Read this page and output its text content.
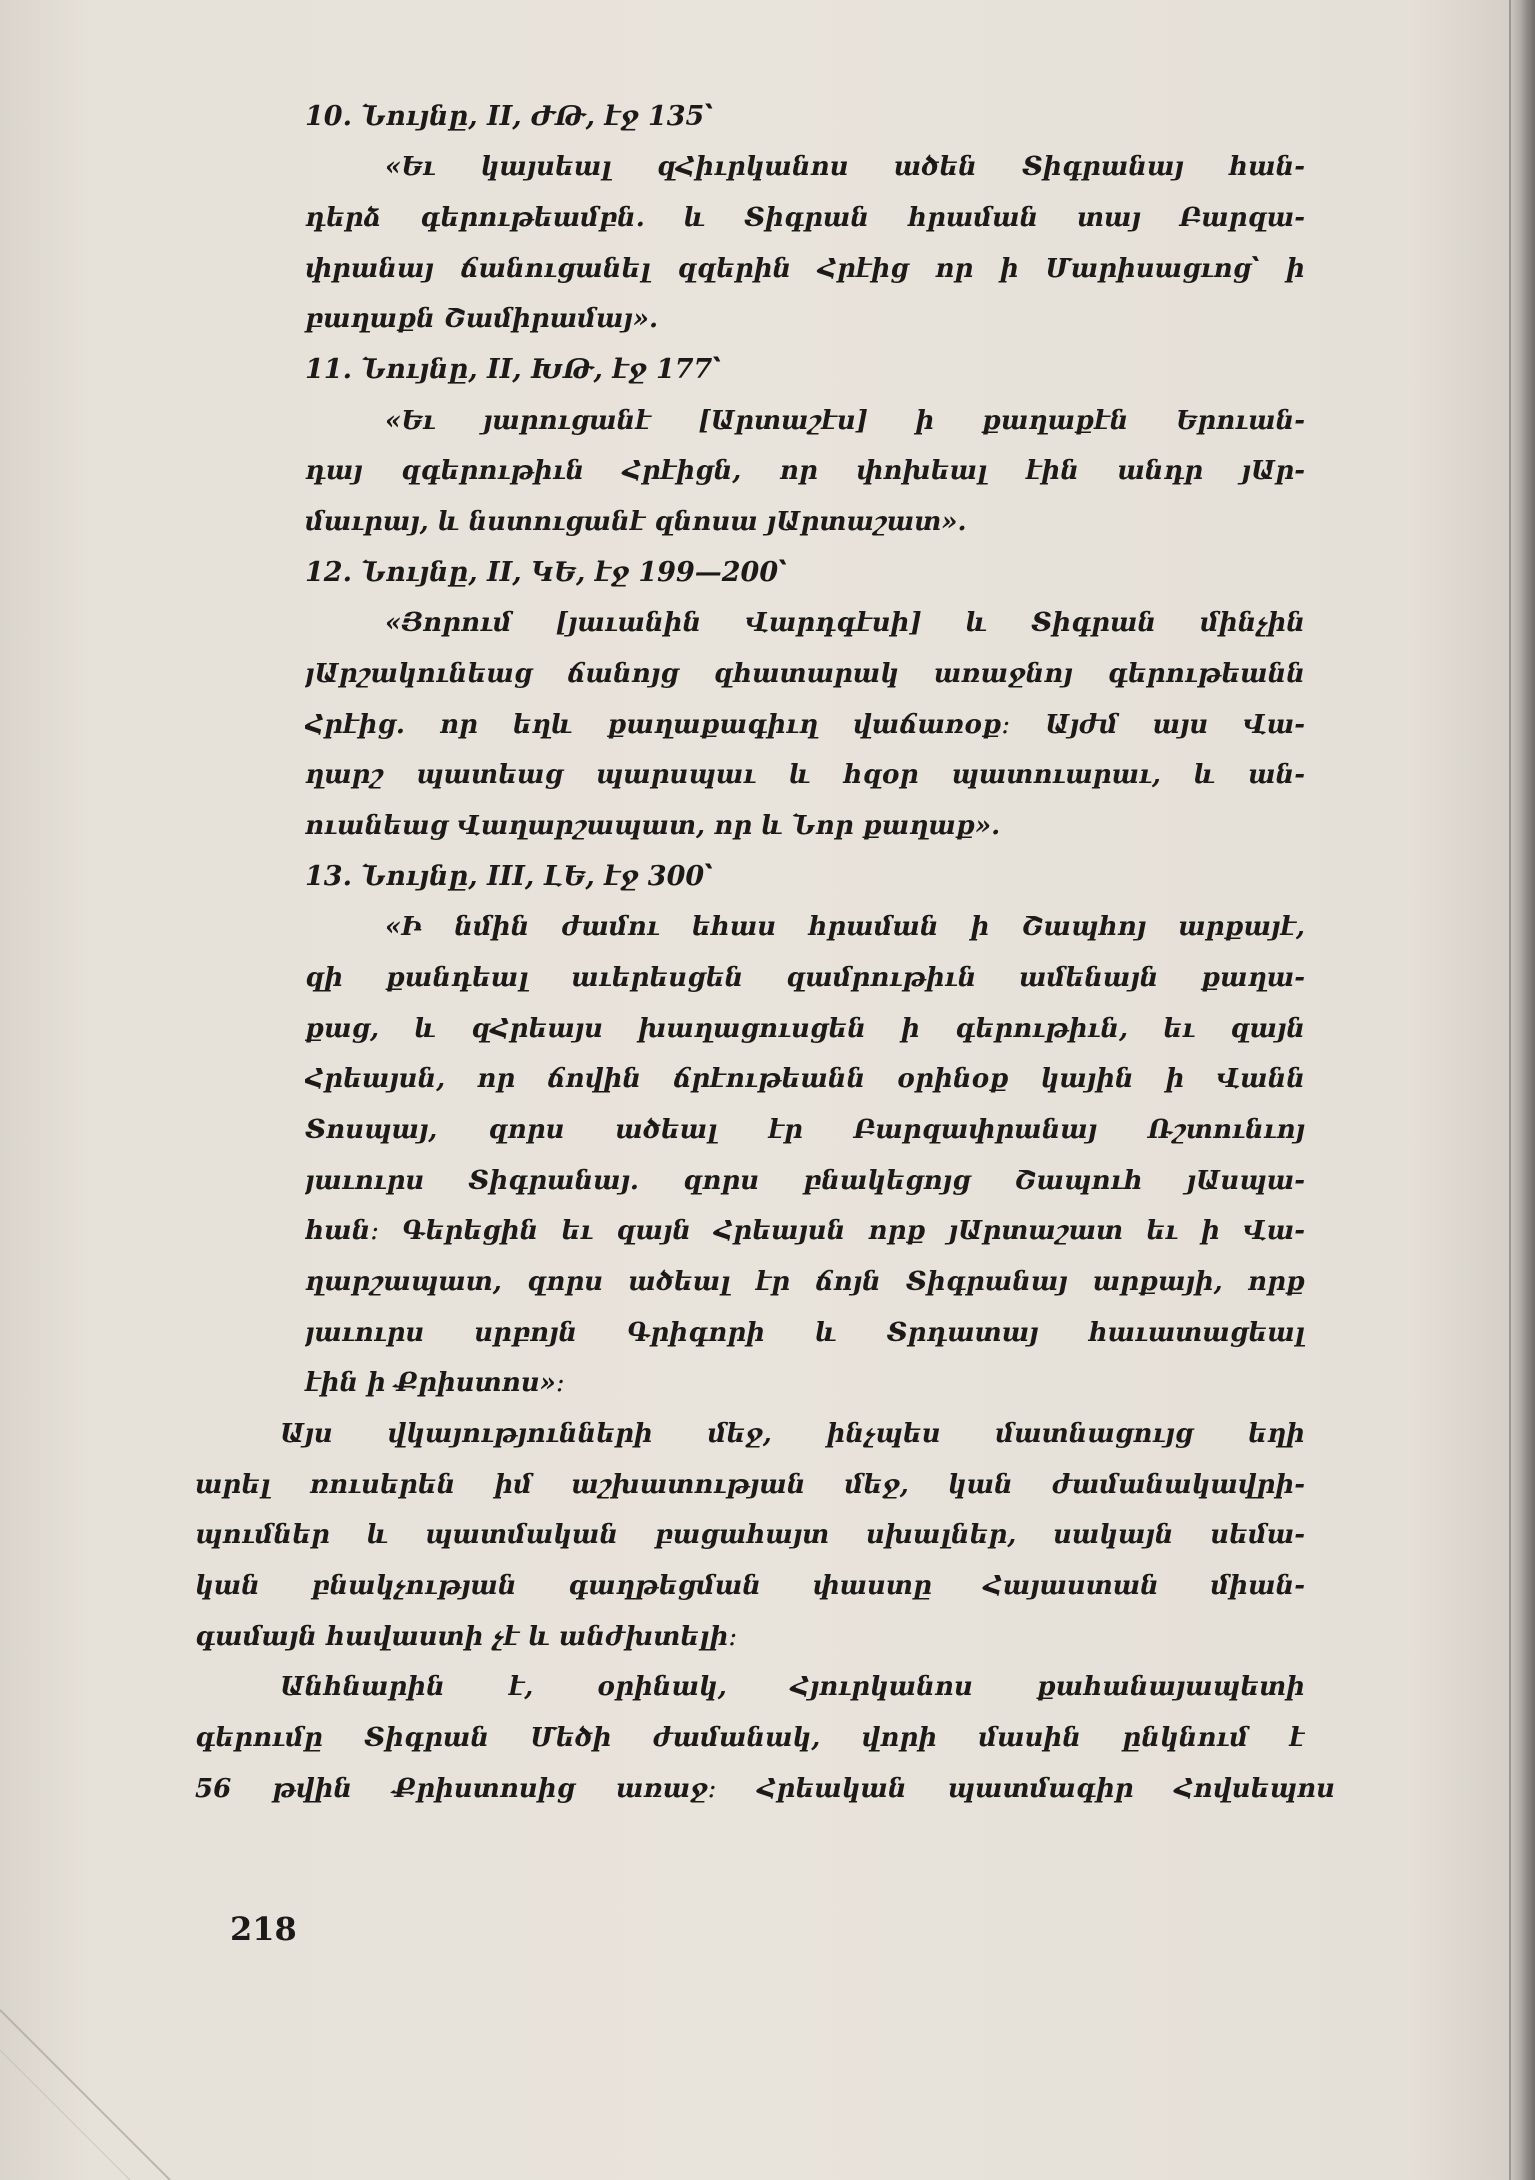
10. Նույնը, II, ԺԹ, էջ 135՝
«Եւ կայսեալ զՀիւրկանոս ածեն Տիգրանայ հան-
դերձ գերութեամբն. և Տիգրան հրաման տայ Բարզա-
փրանայ ճանուցանել զզերին Հրէից որ ի Մարիսացւոց՝ ի
բաղաքն Շամիրամայ».
11. Նույնը, II, ԽԹ, էջ 177՝
«Եւ յարուցանէ [Արտաշէս] ի քաղաքէն Երուան-
դայ զգերութիւն Հրէիցն, որ փոխեալ էին անդր յԱր-
մաւրայ, և նստուցանէ զնոսա յԱրտաշատ».
12. Նույնը, II, ԿԵ, էջ 199—200՝
«Յորում [յաւանին Վարդգէսի] և Տիգրան մինչին
յԱրշակունեաց ճանոյց զհատարակ առաջնոյ գերութեանն
Հրէից. որ եղև քաղաքագիւղ վաճառօք։ Այժմ այս Վա-
ղարշ պատեաց պարսպաւ և հզօր պատուարաւ, և ան-
ուանեաց Վաղարշապատ, որ և Նոր քաղաք».
13. Նույնը, III, ԼԵ, էջ 300՝
«Ի նմին ժամու եհաս հրաման ի Շապհոյ արքայէ,
զի քանդեալ աւերեսցեն զամրութիւն ամենայն քաղա-
քաց, և զՀրեայս խաղացուսցեն ի գերութիւն, եւ զայն
Հրեայսն, որ ճովին ճրէութեանն օրինօք կային ի Վանն
Տոսպայ, զորս ածեալ էր Բարզափրանայ Ռշտունւոյ
յաւուրս Տիգրանայ. զորս բնակեցոյց Շապուհ յԱսպա-
հան։ Գերեցին եւ զայն Հրեայսն որք յԱրտաշատ եւ ի Վա-
ղարշապատ, զորս ածեալ էր ճոյն Տիգրանայ արքայի, որք
յաւուրս սրբոյն Գրիգորի և Տրդատայ հաւատացեալ
էին ի Քրիստոս»։
Այս վկայությունների մեջ, ինչպես մատնացույց եղի
արել ռուսերեն իմ աշխատության մեջ, կան ժամանակավրի-
պումներ և պատմական բացահայտ սխալներ, սակայն սեմա-
կան բնակչության գաղթեցման փաստը Հայաստան միան-
գամայն հավաստի չէ և անժխտելի։
Անհնարին է, օրինակ, Հյուրկանոս քահանայապետի
գերումը Տիգրան Մեծի ժամանակ, վորի մասին ընկնում է
56 թվին Քրիստոսից առաջ։ Հրեական պատմագիր Հովսեպոս
218
